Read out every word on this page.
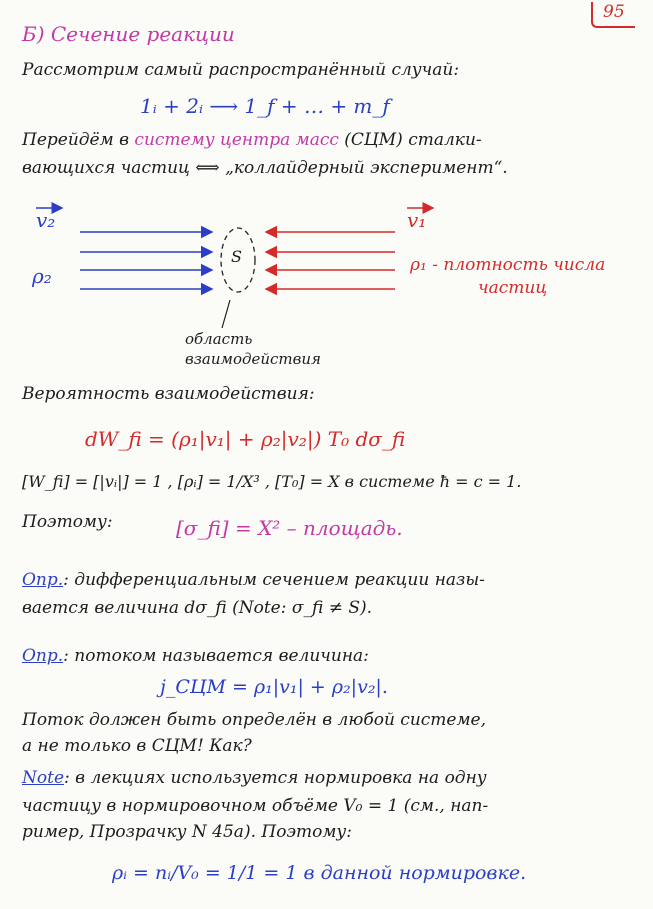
95
Б) Сечение реакции
Рассмотрим самый распространённый случай:
1ᵢ + 2ᵢ ⟶ 1_f + … + m_f
Перейдём в систему центра масс (СЦМ) сталки-
вающихся частиц ⟺ „коллайдерный эксперимент“.
v₂
ρ₂
S
v₁
ρ₁ - плотность числа
частиц
область
взаимодействия
Вероятность взаимодействия:
dW_fi = (ρ₁|v₁| + ρ₂|v₂|) T₀ dσ_fi
[W_fi] = [|vᵢ|] = 1 , [ρᵢ] = 1/X³ , [T₀] = X в системе ħ = c = 1.
Поэтому:	[σ_fi] = X² – площадь.
Опр.: дифференциальным сечением реакции назы-
вается величина dσ_fi (Note: σ_fi ≠ S).
Опр.: потоком называется величина:
j_СЦМ = ρ₁|v₁| + ρ₂|v₂|.
Поток должен быть определён в любой системе,
а не только в СЦМ! Как?
Note: в лекциях используется нормировка на одну
частицу в нормировочном объёме V₀ = 1 (см., нап-
ример, Прозрачку N 45а). Поэтому:
ρᵢ = nᵢ/V₀ = 1/1 = 1 в данной нормировке.
